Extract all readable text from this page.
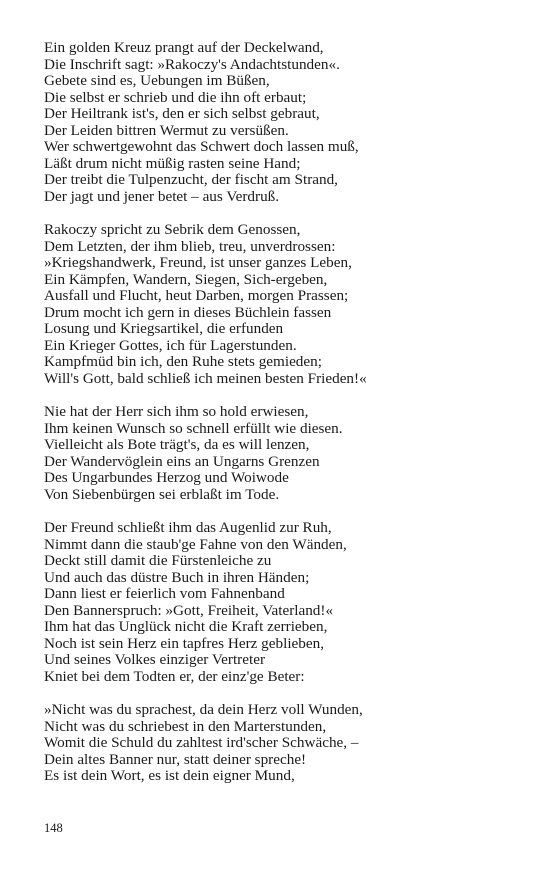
Ein golden Kreuz prangt auf der Deckelwand,
Die Inschrift sagt: »Rakoczy's Andachtstunden«.
Gebete sind es, Uebungen im Büßen,
Die selbst er schrieb und die ihn oft erbaut;
Der Heiltrank ist's, den er sich selbst gebraut,
Der Leiden bittren Wermut zu versüßen.
Wer schwertgewohnt das Schwert doch lassen muß,
Läßt drum nicht müßig rasten seine Hand;
Der treibt die Tulpenzucht, der fischt am Strand,
Der jagt und jener betet – aus Verdruß.
Rakoczy spricht zu Sebrik dem Genossen,
Dem Letzten, der ihm blieb, treu, unverdrossen:
»Kriegshandwerk, Freund, ist unser ganzes Leben,
Ein Kämpfen, Wandern, Siegen, Sich-ergeben,
Ausfall und Flucht, heut Darben, morgen Prassen;
Drum mocht ich gern in dieses Büchlein fassen
Losung und Kriegsartikel, die erfunden
Ein Krieger Gottes, ich für Lagerstunden.
Kampfmüd bin ich, den Ruhe stets gemieden;
Will's Gott, bald schließ ich meinen besten Frieden!«
Nie hat der Herr sich ihm so hold erwiesen,
Ihm keinen Wunsch so schnell erfüllt wie diesen.
Vielleicht als Bote trägt's, da es will lenzen,
Der Wandervöglein eins an Ungarns Grenzen
Des Ungarbundes Herzog und Woiwode
Von Siebenbürgen sei erblaßt im Tode.
Der Freund schließt ihm das Augenlid zur Ruh,
Nimmt dann die staub'ge Fahne von den Wänden,
Deckt still damit die Fürstenleiche zu
Und auch das düstre Buch in ihren Händen;
Dann liest er feierlich vom Fahnenband
Den Bannerspruch: »Gott, Freiheit, Vaterland!«
Ihm hat das Unglück nicht die Kraft zerrieben,
Noch ist sein Herz ein tapfres Herz geblieben,
Und seines Volkes einziger Vertreter
Kniet bei dem Todten er, der einz'ge Beter:
»Nicht was du sprachest, da dein Herz voll Wunden,
Nicht was du schriebest in den Marterstunden,
Womit die Schuld du zahltest ird'scher Schwäche, –
Dein altes Banner nur, statt deiner spreche!
Es ist dein Wort, es ist dein eigner Mund,
148
